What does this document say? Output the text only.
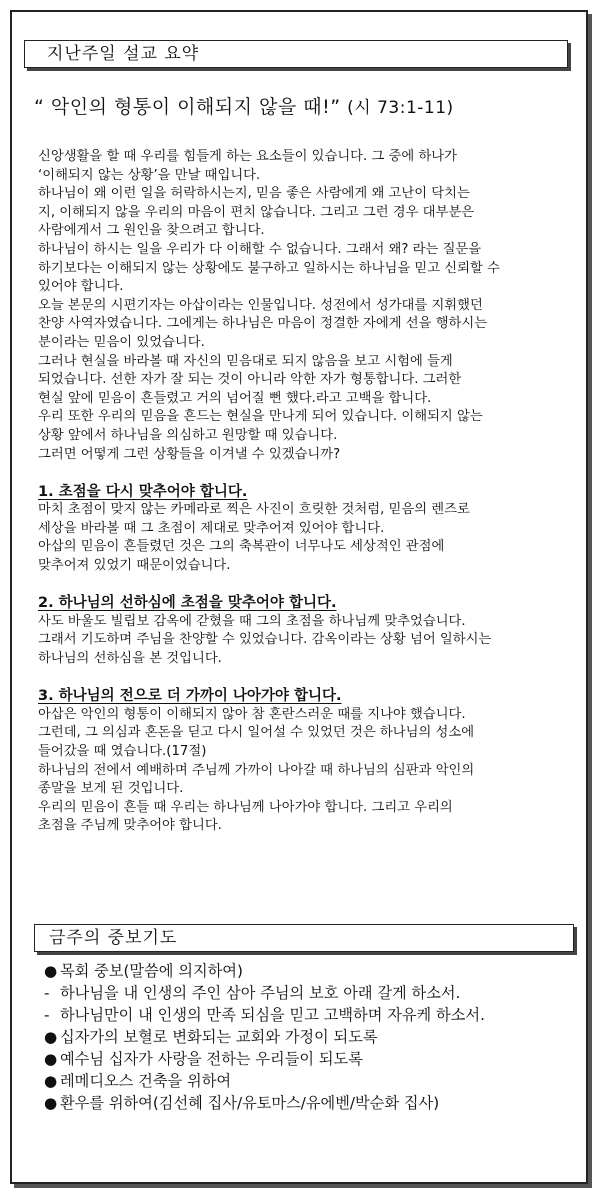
지난주일 설교 요약
“ 악인의 형통이 이해되지 않을 때!” (시 73:1-11)

신앙생활을 할 때 우리를 힘들게 하는 요소들이 있습니다. 그 중에 하나가

‘이해되지 않는 상황’을 만날 때입니다.

하나님이 왜 이런 일을 허락하시는지, 믿음 좋은 사람에게 왜 고난이 닥치는

지, 이해되지 않을 우리의 마음이 편치 않습니다. 그리고 그런 경우 대부분은

사람에게서 그 원인을 찾으려고 합니다.

하나님이 하시는 일을 우리가 다 이해할 수 없습니다. 그래서 왜? 라는 질문을

하기보다는 이해되지 않는 상황에도 불구하고 일하시는 하나님을 믿고 신뢰할 수

있어야 합니다.

오늘 본문의 시편기자는 아삽이라는 인물입니다. 성전에서 성가대를 지휘했던

찬양 사역자였습니다. 그에게는 하나님은 마음이 정결한 자에게 선을 행하시는

분이라는 믿음이 있었습니다.

그러나 현실을 바라볼 때 자신의 믿음대로 되지 않음을 보고 시험에 들게

되었습니다. 선한 자가 잘 되는 것이 아니라 악한 자가 형통합니다. 그러한

현실 앞에 믿음이 흔들렸고 거의 넘어질 뻔 했다.라고 고백을 합니다.

우리 또한 우리의 믿음을 흔드는 현실을 만나게 되어 있습니다. 이해되지 않는

상황 앞에서 하나님을 의심하고 원망할 때 있습니다.

그러면 어떻게 그런 상황들을 이겨낼 수 있겠습니까?

1. 초점을 다시 맞추어야 합니다.

마치 초점이 맞지 않는 카메라로 찍은 사진이 흐릿한 것처럼, 믿음의 렌즈로

세상을 바라볼 때 그 초점이 제대로 맞추어져 있어야 합니다.

아삽의 믿음이 흔들렸던 것은 그의 축복관이 너무나도 세상적인 관점에

맞추어져 있었기 때문이었습니다.

2. 하나님의 선하심에 초점을 맞추어야 합니다.

사도 바울도 빌립보 감옥에 갇혔을 때 그의 초점을 하나님께 맞추었습니다.

그래서 기도하며 주님을 찬양할 수 있었습니다. 감옥이라는 상황 넘어 일하시는

하나님의 선하심을 본 것입니다.

3. 하나님의 전으로 더 가까이 나아가야 합니다.

아삽은 악인의 형통이 이해되지 않아 참 혼란스러운 때를 지나야 했습니다.

그런데, 그 의심과 혼돈을 딛고 다시 일어설 수 있었던 것은 하나님의 성소에

들어갔을 때 였습니다.(17절)

하나님의 전에서 예배하며 주님께 가까이 나아갈 때 하나님의 심판과 악인의

종말을 보게 된 것입니다.

우리의 믿음이 흔들 때 우리는 하나님께 나아가야 합니다. 그리고 우리의

초점을 주님께 맞추어야 합니다.

금주의 중보기도
● 목회 중보(말씀에 의지하여)
- 하나님을 내 인생의 주인 삼아 주님의 보호 아래 갈게 하소서.
- 하나님만이 내 인생의 만족 되심을 믿고 고백하며 자유케 하소서.
● 십자가의 보혈로 변화되는 교회와 가정이 되도록
● 예수님 십자가 사랑을 전하는 우리들이 되도록
● 레메디오스 건축을 위하여
● 환우를 위하여(김선혜 집사/유토마스/유에벤/박순화 집사)
